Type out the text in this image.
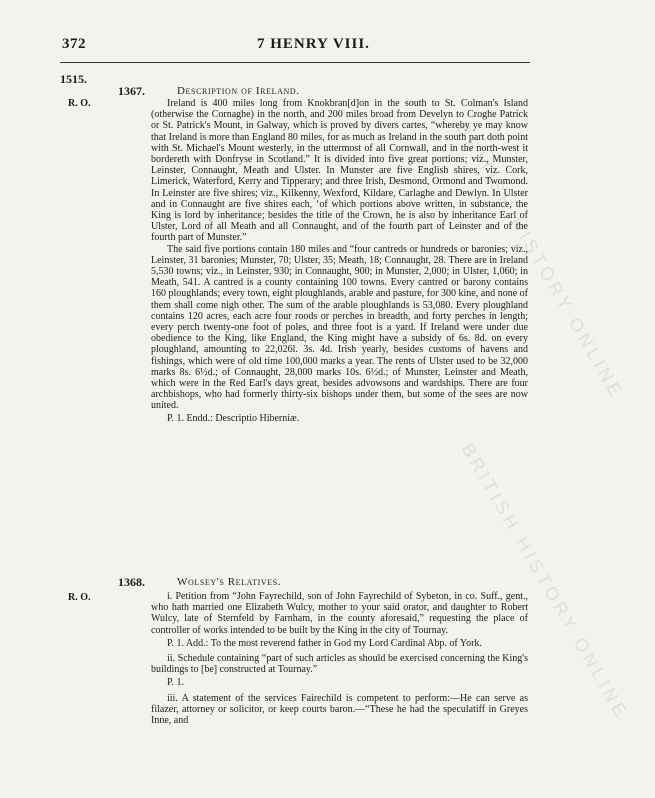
BRITISH HISTORY ONLINE
BRITISH HISTORY ONLINE
372	7 HENRY VIII.
1515.
R. O.
1367.	Description of Ireland.

Ireland is 400 miles long from Knokbran[d]on in the south to St. Colman's Island (otherwise the Cornaghe) in the north, and 200 miles broad from Develyn to Croghe Patrick or St. Patrick's Mount, in Galway, which is proved by divers cartes, “whereby ye may know that Ireland is more than England 80 miles, for as much as Ireland in the south part doth point with St. Michael's Mount westerly, in the uttermost of all Cornwall, and in the north-west it bordereth with Donfryse in Scotland.” It is divided into five great portions; viz., Munster, Leinster, Connaught, Meath and Ulster. In Munster are five English shires, viz. Cork, Limerick, Waterford, Kerry and Tipperary; and three Irish, Desmond, Ormond and Twomond. In Leinster are five shires; viz., Kilkenny, Wexford, Kildare, Carlaghe and Dewlyn. In Ulster and in Connaught are five shires each, ‘of which portions above written, in substance, the King is lord by inheritance; besides the title of the Crown, he is also by inheritance Earl of Ulster, Lord of all Meath and all Connaught, and of the fourth part of Leinster and of the fourth part of Munster.”

The said five portions contain 180 miles and “four cantreds or hundreds or baronies; viz., Leinster, 31 baronies; Munster, 70; Ulster, 35; Meath, 18; Connaught, 28. There are in Ireland 5,530 towns; viz., in Leinster, 930; in Connaught, 900; in Munster, 2,000; in Ulster, 1,060; in Meath, 541. A cantred is a county containing 100 towns. Every cantred or barony contains 160 ploughlands; every town, eight ploughlands, arable and pasture, for 300 kine, and none of them shall come nigh other. The sum of the arable ploughlands is 53,080. Every ploughland contains 120 acres, each acre four roods or perches in breadth, and forty perches in length; every perch twenty-one foot of poles, and three foot is a yard. If Ireland were under due obedience to the King, like England, the King might have a subsidy of 6s. 8d. on every ploughland, amounting to 22,026l. 3s. 4d. Irish yearly, besides customs of havens and fishings, which were of old time 100,000 marks a year. The rents of Ulster used to be 32,000 marks 8s. 6½d.; of Connaught, 28,000 marks 10s. 6½d.; of Munster, Leinster and Meath, which were in the Red Earl's days great, besides advowsons and wardships. There are four archbishops, who had formerly thirty-six bishops under them, but some of the sees are now united.

P. 1. Endd.: Descriptio Hiberniæ.

R. O.
1368.	Wolsey's Relatives.

i. Petition from “John Fayrechild, son of John Fayrechild of Sybeton, in co. Suff., gent., who hath married one Elizabeth Wulcy, mother to your said orator, and daughter to Robert Wulcy, late of Sternfeld by Farnham, in the county aforesaid,” requesting the place of controller of works intended to be built by the King in the city of Tournay.

P. 1. Add.: To the most reverend father in God my Lord Cardinal Abp. of York.

ii. Schedule containing “part of such articles as should be exercised concerning the King's buildings to [be] constructed at Tournay.”

P. 1.

iii. A statement of the services Fairechild is competent to perform:—He can serve as filazer, attorney or solicitor, or keep courts baron.—“These he had the speculatiff in Greyes Inne, and
